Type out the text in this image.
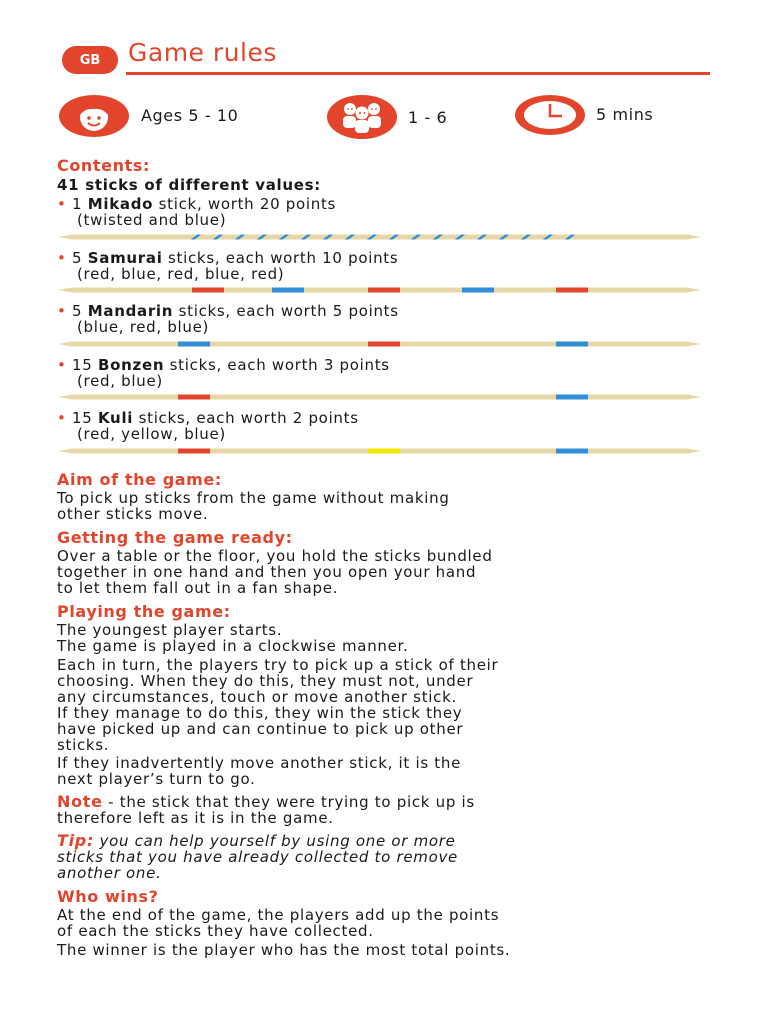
GB	Game rules
Ages 5 - 10	1 - 6	5 mins
Contents:
41 sticks of different values:
• 1 Mikado stick, worth 20 points
(twisted and blue)
• 5 Samurai sticks, each worth 10 points
(red, blue, red, blue, red)
• 5 Mandarin sticks, each worth 5 points
(blue, red, blue)
• 15 Bonzen sticks, each worth 3 points
(red, blue)
• 15 Kuli sticks, each worth 2 points
(red, yellow, blue)
Aim of the game:
To pick up sticks from the game without making
other sticks move.
Getting the game ready:
Over a table or the floor, you hold the sticks bundled
together in one hand and then you open your hand
to let them fall out in a fan shape.
Playing the game:
The youngest player starts.
The game is played in a clockwise manner.
Each in turn, the players try to pick up a stick of their
choosing. When they do this, they must not, under
any circumstances, touch or move another stick.
If they manage to do this, they win the stick they
have picked up and can continue to pick up other
sticks.
If they inadvertently move another stick, it is the
next player’s turn to go.
Note - the stick that they were trying to pick up is
therefore left as it is in the game.
Tip: you can help yourself by using one or more
sticks that you have already collected to remove
another one.
Who wins?
At the end of the game, the players add up the points
of each the sticks they have collected.
The winner is the player who has the most total points.
